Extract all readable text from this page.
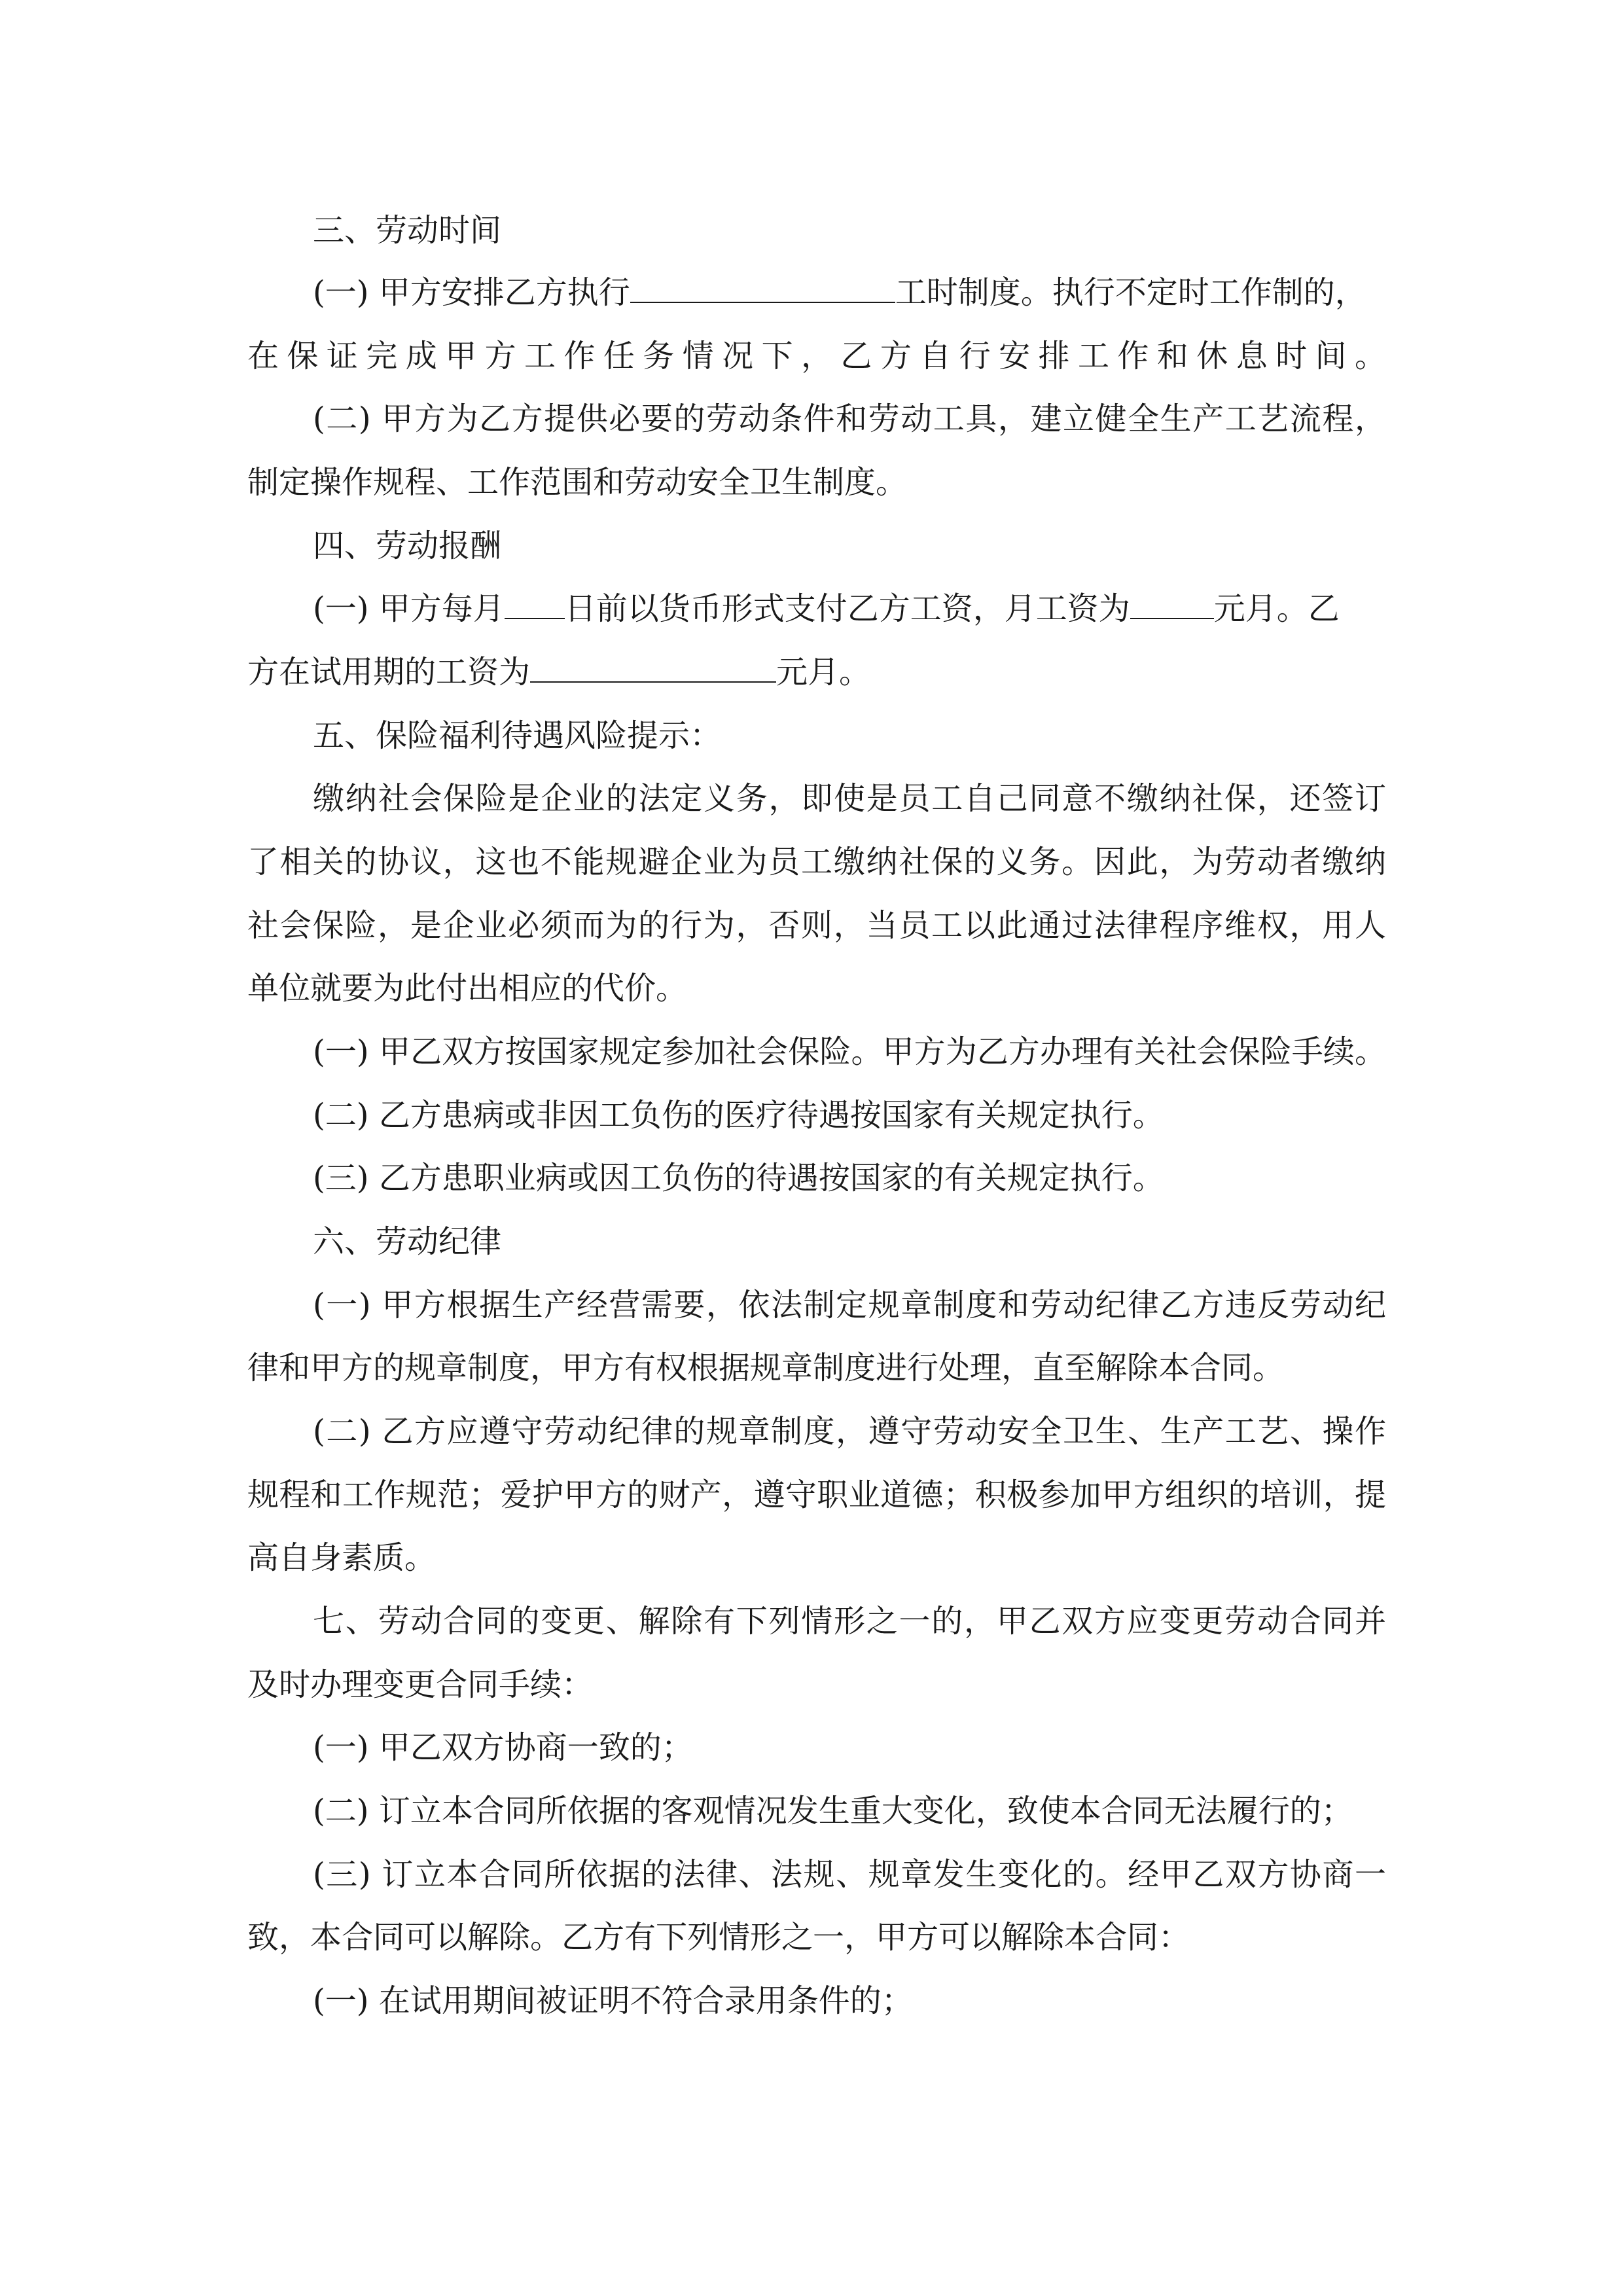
三、劳动时间
(一) 甲方安排乙方执行	工时制度。执行不定时工作制的，
在保证完成甲方工作任务情况下，乙方自行安排工作和休息时间。
(二) 甲方为乙方提供必要的劳动条件和劳动工具，建立健全生产工艺流程，
制定操作规程、工作范围和劳动安全卫生制度。
四、劳动报酬
(一) 甲方每月 日前以货币形式支付乙方工资，月工资为	元月。乙
方在试用期的工资为	元月。
五、保险福利待遇风险提示：
缴纳社会保险是企业的法定义务，即使是员工自己同意不缴纳社保，还签订
了相关的协议，这也不能规避企业为员工缴纳社保的义务。因此，为劳动者缴纳
社会保险，是企业必须而为的行为，否则，当员工以此通过法律程序维权，用人
单位就要为此付出相应的代价。
(一) 甲乙双方按国家规定参加社会保险。甲方为乙方办理有关社会保险手续。
(二) 乙方患病或非因工负伤的医疗待遇按国家有关规定执行。
(三) 乙方患职业病或因工负伤的待遇按国家的有关规定执行。
六、劳动纪律
(一) 甲方根据生产经营需要，依法制定规章制度和劳动纪律乙方违反劳动纪
律和甲方的规章制度，甲方有权根据规章制度进行处理，直至解除本合同。
(二) 乙方应遵守劳动纪律的规章制度，遵守劳动安全卫生、生产工艺、操作
规程和工作规范；爱护甲方的财产，遵守职业道德；积极参加甲方组织的培训，提
高自身素质。
七、劳动合同的变更、解除有下列情形之一的，甲乙双方应变更劳动合同并
及时办理变更合同手续：
(一) 甲乙双方协商一致的；
(二) 订立本合同所依据的客观情况发生重大变化，致使本合同无法履行的；
(三) 订立本合同所依据的法律、法规、规章发生变化的。经甲乙双方协商一
致，本合同可以解除。乙方有下列情形之一，甲方可以解除本合同：
(一) 在试用期间被证明不符合录用条件的；
